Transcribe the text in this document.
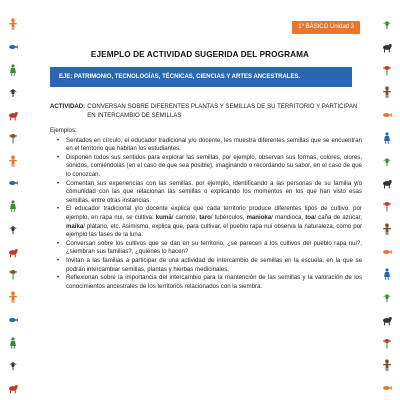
1° BÁSICO Unidad 3
EJEMPLO DE ACTIVIDAD SUGERIDA DEL PROGRAMA
EJE: PATRIMONIO, TECNOLOGÍAS, TÉCNICAS, CIENCIAS Y ARTES ANCESTRALES.
ACTIVIDAD: CONVERSAN SOBRE DIFERENTES PLANTAS Y SEMILLAS DE SU TERRITORIO Y PARTICIPAN EN INTERCAMBIO DE SEMILLAS
Ejemplos:
• Sentados en círculo, el educador tradicional y/o docente, les muestra diferentes semillas que se encuentran en el territorio que habitan los estudiantes.
• Disponen todos sus sentidos para explorar las semillas, por ejemplo, observan sus formas, colores, olores, sonidos, comiéndolas (en el caso de que sea posible), imaginando o recordando su sabor, en el caso de que lo conozcan.
• Comentan sus experiencias con las semillas, por ejemplo, identificando a las personas de su familia y/o comunidad con las que relacionan las semillas o explicando los momentos en los que han visto esas semillas, entre otras instancias.
• El educador tradicional y/o docente explica que cada territorio produce diferentes tipos de cultivo, por ejemplo, en rapa nui, se cultiva: kumā/ camote, taro/ tubérculos, manioka/ mandioca, toa/ caña de azúcar, maika/ plátano, etc. Asimismo, explica que, para cultivar, el pueblo rapa nui observa la naturaleza, como por ejemplo las fases de la luna.
• Conversan sobre los cultivos que se dan en su territorio, ¿se parecen a los cultivos del pueblo rapa nui?, ¿siembran sus familias?, ¿quiénes lo hacen?
• Invitan a las familias a participar de una actividad de intercambio de semillas en la escuela, en la que se podrán intercambiar semillas, plantas y hierbas medicinales.
• Reflexionan sobre la importancia del intercambio para la mantención de las semillas y la valoración de los conocimientos ancestrales de los territorios relacionados con la siembra.
